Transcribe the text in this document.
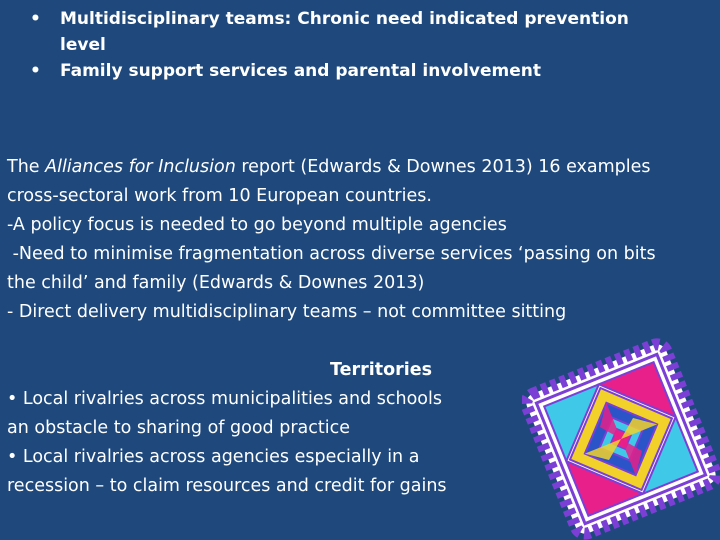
• Multidisciplinary teams: Chronic need indicated prevention
level
• Family support services and parental involvement
The Alliances for Inclusion report (Edwards & Downes 2013) 16 examples
cross-sectoral work from 10 European countries.
-A policy focus is needed to go beyond multiple agencies
-Need to minimise fragmentation across diverse services ‘passing on bits
the child’ and family (Edwards & Downes 2013)
- Direct delivery multidisciplinary teams – not committee sitting
Territories
• Local rivalries across municipalities and schools
an obstacle to sharing of good practice
• Local rivalries across agencies especially in a
recession – to claim resources and credit for gains
